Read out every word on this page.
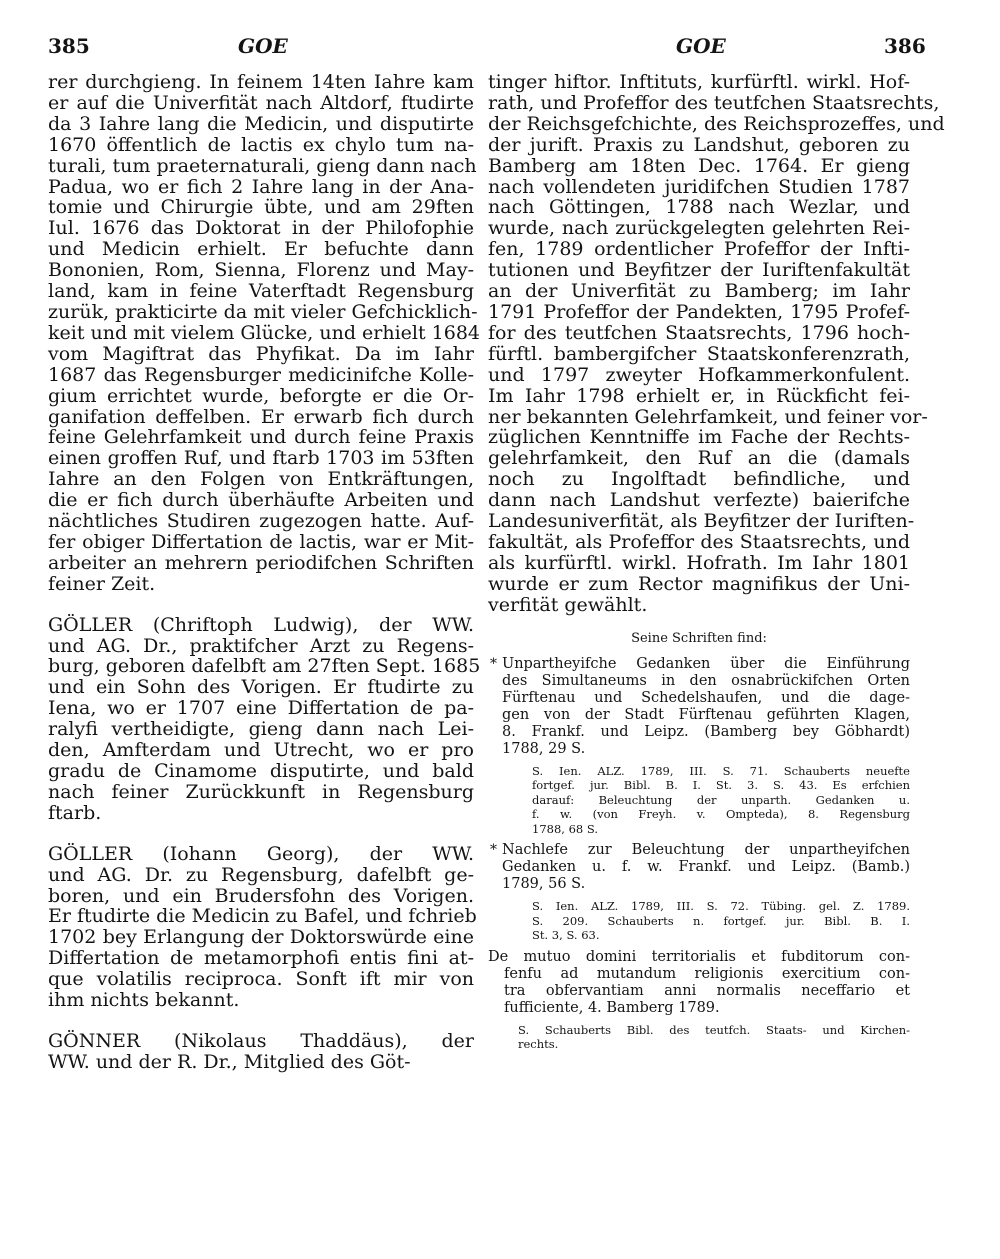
385	GOE	GOE	386
rer durchgieng. In feinem 14ten Iahre kam
er auf die Univerfität nach Altdorf, ftudirte
da 3 Iahre lang die Medicin, und disputirte
1670 öffentlich de lactis ex chylo tum na-
turali, tum praeternaturali, gieng dann nach
Padua, wo er fich 2 Iahre lang in der Ana-
tomie und Chirurgie übte, und am 29ften
Iul. 1676 das Doktorat in der Philofophie
und Medicin erhielt. Er befuchte dann
Bononien, Rom, Sienna, Florenz und May-
land, kam in feine Vaterftadt Regensburg
zurük, prakticirte da mit vieler Gefchicklich-
keit und mit vielem Glücke, und erhielt 1684
vom Magiftrat das Phyfikat. Da im Iahr
1687 das Regensburger medicinifche Kolle-
gium errichtet wurde, beforgte er die Or-
ganifation deffelben. Er erwarb fich durch
feine Gelehrfamkeit und durch feine Praxis
einen groffen Ruf, und ftarb 1703 im 53ften
Iahre an den Folgen von Entkräftungen,
die er fich durch überhäufte Arbeiten und
nächtliches Studiren zugezogen hatte. Auf-
fer obiger Differtation de lactis, war er Mit-
arbeiter an mehrern periodifchen Schriften
feiner Zeit.
GÖLLER (Chriftoph Ludwig), der WW.
und AG. Dr., praktifcher Arzt zu Regens-
burg, geboren dafelbft am 27ften Sept. 1685
und ein Sohn des Vorigen. Er ftudirte zu
Iena, wo er 1707 eine Differtation de pa-
ralyfi vertheidigte, gieng dann nach Lei-
den, Amfterdam und Utrecht, wo er pro
gradu de Cinamome disputirte, und bald
nach feiner Zurückkunft in Regensburg
ftarb.
GÖLLER (Iohann Georg), der WW.
und AG. Dr. zu Regensburg, dafelbft ge-
boren, und ein Brudersfohn des Vorigen.
Er ftudirte die Medicin zu Bafel, und fchrieb
1702 bey Erlangung der Doktorswürde eine
Differtation de metamorphofi entis fini at-
que volatilis reciproca. Sonft ift mir von
ihm nichts bekannt.
GÖNNER (Nikolaus Thaddäus), der
WW. und der R. Dr., Mitglied des Göt-
tinger hiftor. Inftituts, kurfürftl. wirkl. Hof-
rath, und Profeffor des teutfchen Staatsrechts,
der Reichsgefchichte, des Reichsprozeffes, und
der jurift. Praxis zu Landshut, geboren zu
Bamberg am 18ten Dec. 1764. Er gieng
nach vollendeten juridifchen Studien 1787
nach Göttingen, 1788 nach Wezlar, und
wurde, nach zurückgelegten gelehrten Rei-
fen, 1789 ordentlicher Profeffor der Infti-
tutionen und Beyfitzer der Iuriftenfakultät
an der Univerfität zu Bamberg; im Iahr
1791 Profeffor der Pandekten, 1795 Profef-
for des teutfchen Staatsrechts, 1796 hoch-
fürftl. bambergifcher Staatskonferenzrath,
und 1797 zweyter Hofkammerkonfulent.
Im Iahr 1798 erhielt er, in Rückficht fei-
ner bekannten Gelehrfamkeit, und feiner vor-
züglichen Kenntniffe im Fache der Rechts-
gelehrfamkeit, den Ruf an die (damals
noch zu Ingolftadt befindliche, und
dann nach Landshut verfezte) baierifche
Landesuniverfität, als Beyfitzer der Iuriften-
fakultät, als Profeffor des Staatsrechts, und
als kurfürftl. wirkl. Hofrath. Im Iahr 1801
wurde er zum Rector magnifikus der Uni-
verfität gewählt.
Seine Schriften find:
* Unpartheyifche Gedanken über die Einführung
des Simultaneums in den osnabrückifchen Orten
Fürftenau und Schedelshaufen, und die dage-
gen von der Stadt Fürftenau geführten Klagen,
8. Frankf. und Leipz. (Bamberg bey Göbhardt)
1788, 29 S.
S. Ien. ALZ. 1789, III. S. 71. Schauberts neuefte
fortgef. jur. Bibl. B. I. St. 3. S. 43. Es erfchien
darauf: Beleuchtung der unparth. Gedanken u.
f. w. (von Freyh. v. Ompteda), 8. Regensburg
1788, 68 S.
* Nachlefe zur Beleuchtung der unpartheyifchen
Gedanken u. f. w. Frankf. und Leipz. (Bamb.)
1789, 56 S.
S. Ien. ALZ. 1789, III. S. 72. Tübing. gel. Z. 1789.
S. 209. Schauberts n. fortgef. jur. Bibl. B. I.
St. 3, S. 63.
De mutuo domini territorialis et fubditorum con-
fenfu ad mutandum religionis exercitium con-
tra obfervantiam anni normalis neceffario et
fufficiente, 4. Bamberg 1789.
S. Schauberts Bibl. des teutfch. Staats- und Kirchen-
rechts.
